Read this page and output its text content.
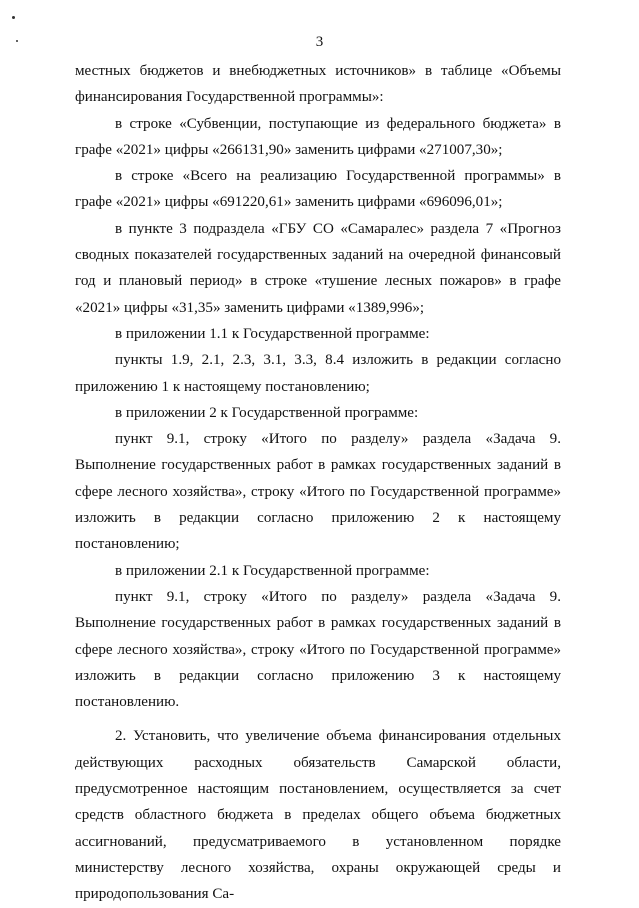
3

местных бюджетов и внебюджетных источников» в таблице «Объемы финансирования Государственной программы»:

в строке «Субвенции, поступающие из федерального бюджета» в графе «2021» цифры «266131,90» заменить цифрами «271007,30»;

в строке «Всего на реализацию Государственной программы» в графе «2021» цифры «691220,61» заменить цифрами «696096,01»;

в пункте 3 подраздела «ГБУ СО «Самаралес» раздела 7 «Прогноз сводных показателей государственных заданий на очередной финансовый год и плановый период» в строке «тушение лесных пожаров» в графе «2021» цифры «31,35» заменить цифрами «1389,996»;

в приложении 1.1 к Государственной программе:

пункты 1.9, 2.1, 2.3, 3.1, 3.3, 8.4 изложить в редакции согласно приложению 1 к настоящему постановлению;

в приложении 2 к Государственной программе:

пункт 9.1, строку «Итого по разделу» раздела «Задача 9. Выполнение государственных работ в рамках государственных заданий в сфере лесного хозяйства», строку «Итого по Государственной программе» изложить в редакции согласно приложению 2 к настоящему постановлению;

в приложении 2.1 к Государственной программе:

пункт 9.1, строку «Итого по разделу» раздела «Задача 9. Выполнение государственных работ в рамках государственных заданий в сфере лесного хозяйства», строку «Итого по Государственной программе» изложить в редакции согласно приложению 3 к настоящему постановлению.

2. Установить, что увеличение объема финансирования отдельных действующих расходных обязательств Самарской области, предусмотренное настоящим постановлением, осуществляется за счет средств областного бюджета в пределах общего объема бюджетных ассигнований, предусматриваемого в установленном порядке министерству лесного хозяйства, охраны окружающей среды и природопользования Са-
